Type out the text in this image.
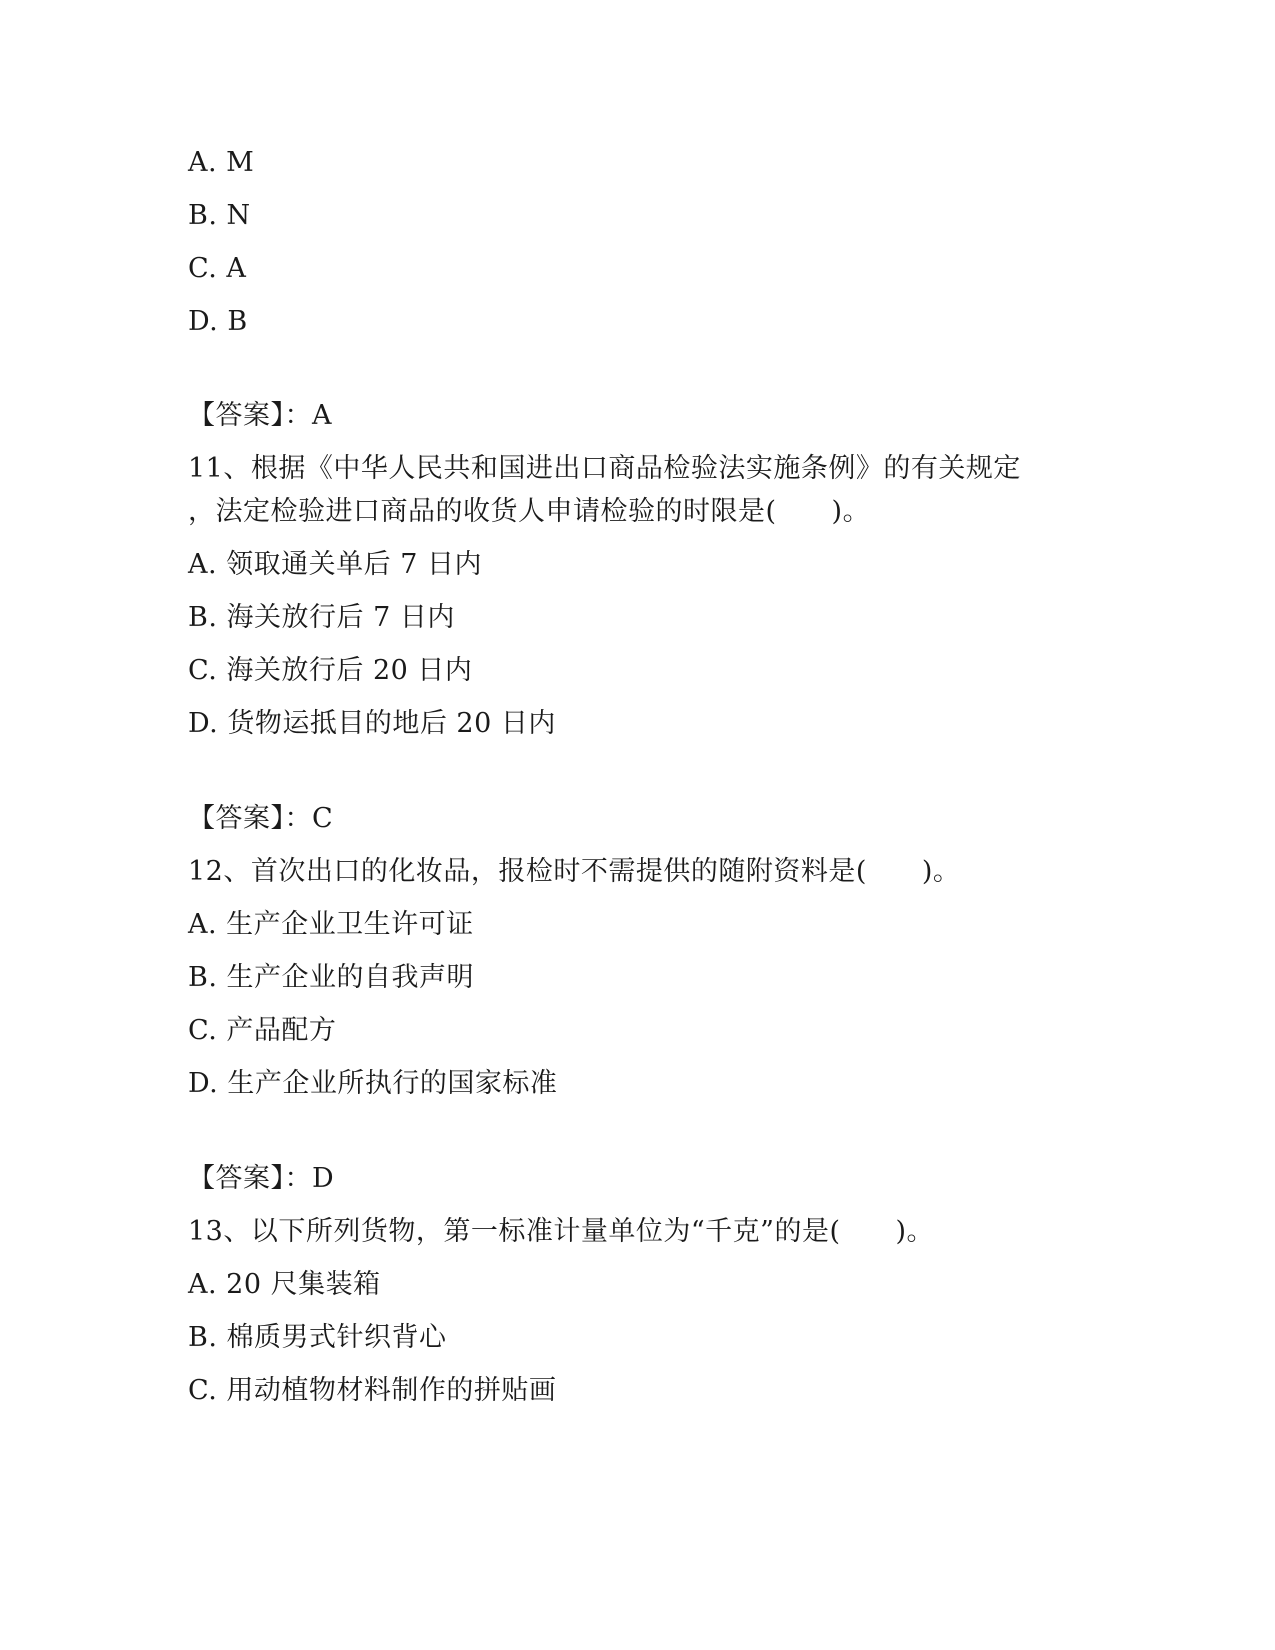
A. M
B. N
C. A
D. B
【答案】：A
11、根据《中华人民共和国进出口商品检验法实施条例》的有关规定
，法定检验进口商品的收货人申请检验的时限是(　　)。
A. 领取通关单后 7 日内
B. 海关放行后 7 日内
C. 海关放行后 20 日内
D. 货物运抵目的地后 20 日内
【答案】：C
12、首次出口的化妆品，报检时不需提供的随附资料是(　　)。
A. 生产企业卫生许可证
B. 生产企业的自我声明
C. 产品配方
D. 生产企业所执行的国家标准
【答案】：D
13、以下所列货物，第一标准计量单位为“千克”的是(　　)。
A. 20 尺集装箱
B. 棉质男式针织背心
C. 用动植物材料制作的拼贴画
